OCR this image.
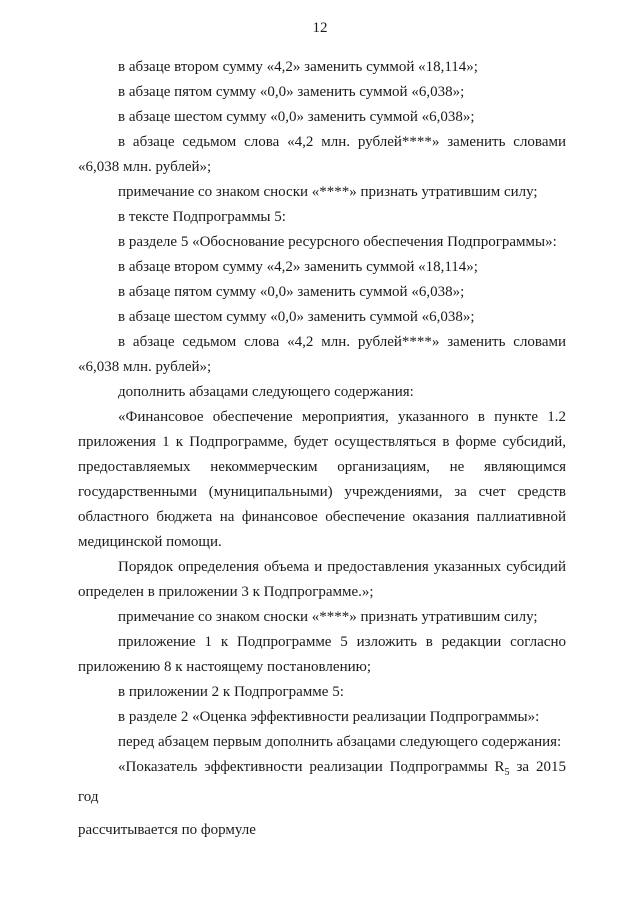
12

в абзаце втором сумму «4,2» заменить суммой «18,114»;

в абзаце пятом сумму «0,0» заменить суммой «6,038»;

в абзаце шестом сумму «0,0» заменить суммой «6,038»;

в абзаце седьмом слова «4,2 млн. рублей****» заменить словами «6,038 млн. рублей»;

примечание со знаком сноски «****» признать утратившим силу;

в тексте Подпрограммы 5:

в разделе 5 «Обоснование ресурсного обеспечения Подпрограммы»:

в абзаце втором сумму «4,2» заменить суммой «18,114»;

в абзаце пятом сумму «0,0» заменить суммой «6,038»;

в абзаце шестом сумму «0,0» заменить суммой «6,038»;

в абзаце седьмом слова «4,2 млн. рублей****» заменить словами «6,038 млн. рублей»;

дополнить абзацами следующего содержания:

«Финансовое обеспечение мероприятия, указанного в пункте 1.2 приложения 1 к Подпрограмме, будет осуществляться в форме субсидий, предоставляемых некоммерческим организациям, не являющимся государственными (муниципальными) учреждениями, за счет средств областного бюджета на финансовое обеспечение оказания паллиативной медицинской помощи.

Порядок определения объема и предоставления указанных субсидий определен в приложении 3 к Подпрограмме.»;

примечание со знаком сноски «****» признать утратившим силу;

приложение 1 к Подпрограмме 5 изложить в редакции согласно приложению 8 к настоящему постановлению;

в приложении 2 к Подпрограмме 5:

в разделе 2 «Оценка эффективности реализации Подпрограммы»:

перед абзацем первым дополнить абзацами следующего содержания:

«Показатель эффективности реализации Подпрограммы $R_5$ за 2015 год

рассчитывается по формуле
